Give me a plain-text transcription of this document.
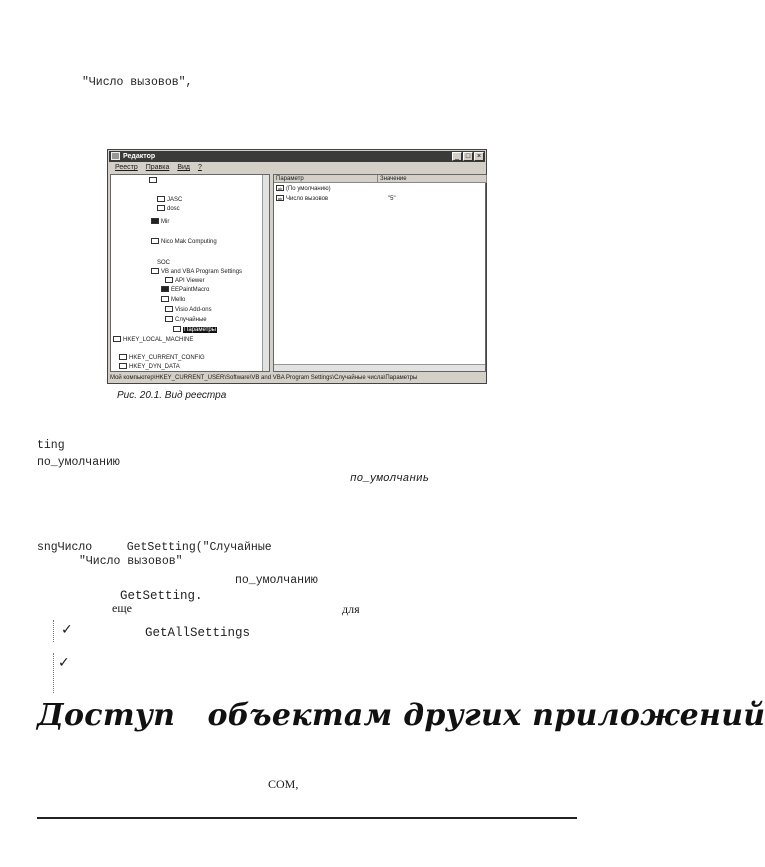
"Число вызовов",
Редактор	_ □ ×
Реестр Правка Вид ?
JASC
dosc
Mir
Nico Mak Computing
SOC
VB and VBA Program Settings
API Viewer
EEPaintMacro
Mello
Visio Add-ons
Случайные
Параметры
HKEY_LOCAL_MACHINE
HKEY_CURRENT_CONFIG
HKEY_DYN_DATA
Параметр	Значение
ab (По умолчанию)
ab Число вызовов	"5"
Мой компьютер\HKEY_CURRENT_USER\Software\VB and VBA Program Settings\Случайные числа\Параметры
Рис. 20.1. Вид реестра
ting
по_умолчанию
по_умолчаниь
sngЧисло     GetSetting("Случайные
"Число вызовов"
по_умолчанию
GetSetting.
еще	для
✓	GetAllSettings
✓
Доступ   объектам других приложений
COM,
